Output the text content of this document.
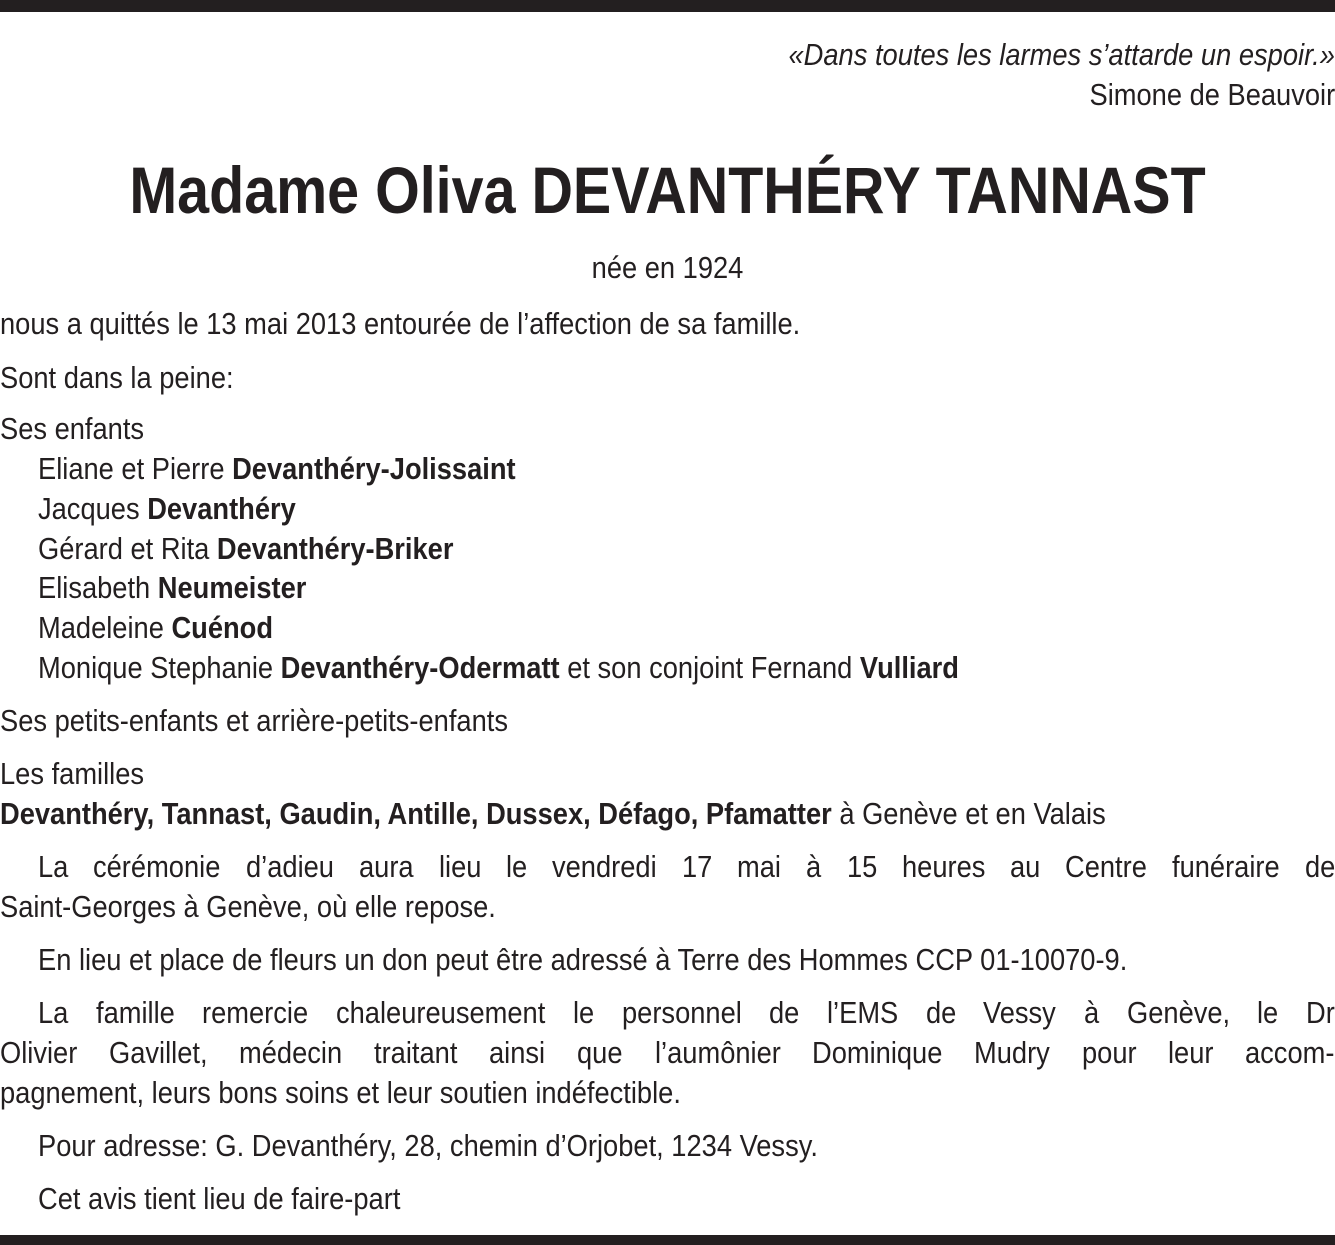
«Dans toutes les larmes s’attarde un espoir.»
Simone de Beauvoir
Madame Oliva DEVANTHÉRY TANNAST
née en 1924
nous a quittés le 13 mai 2013 entourée de l’affection de sa famille.
Sont dans la peine:
Ses enfants
Eliane et Pierre Devanthéry-Jolissaint
Jacques Devanthéry
Gérard et Rita Devanthéry-Briker
Elisabeth Neumeister
Madeleine Cuénod
Monique Stephanie Devanthéry-Odermatt et son conjoint Fernand Vulliard
Ses petits-enfants et arrière-petits-enfants
Les familles
Devanthéry, Tannast, Gaudin, Antille, Dussex, Défago, Pfamatter à Genève et en Valais
La cérémonie d’adieu aura lieu le vendredi 17 mai à 15 heures au Centre funéraire de
Saint-Georges à Genève, où elle repose.
En lieu et place de fleurs un don peut être adressé à Terre des Hommes CCP 01-10070-9.
La famille remercie chaleureusement le personnel de l’EMS de Vessy à Genève, le Dr
Olivier Gavillet, médecin traitant ainsi que l’aumônier Dominique Mudry pour leur accom-
pagnement, leurs bons soins et leur soutien indéfectible.
Pour adresse: G. Devanthéry, 28, chemin d’Orjobet, 1234 Vessy.
Cet avis tient lieu de faire-part
